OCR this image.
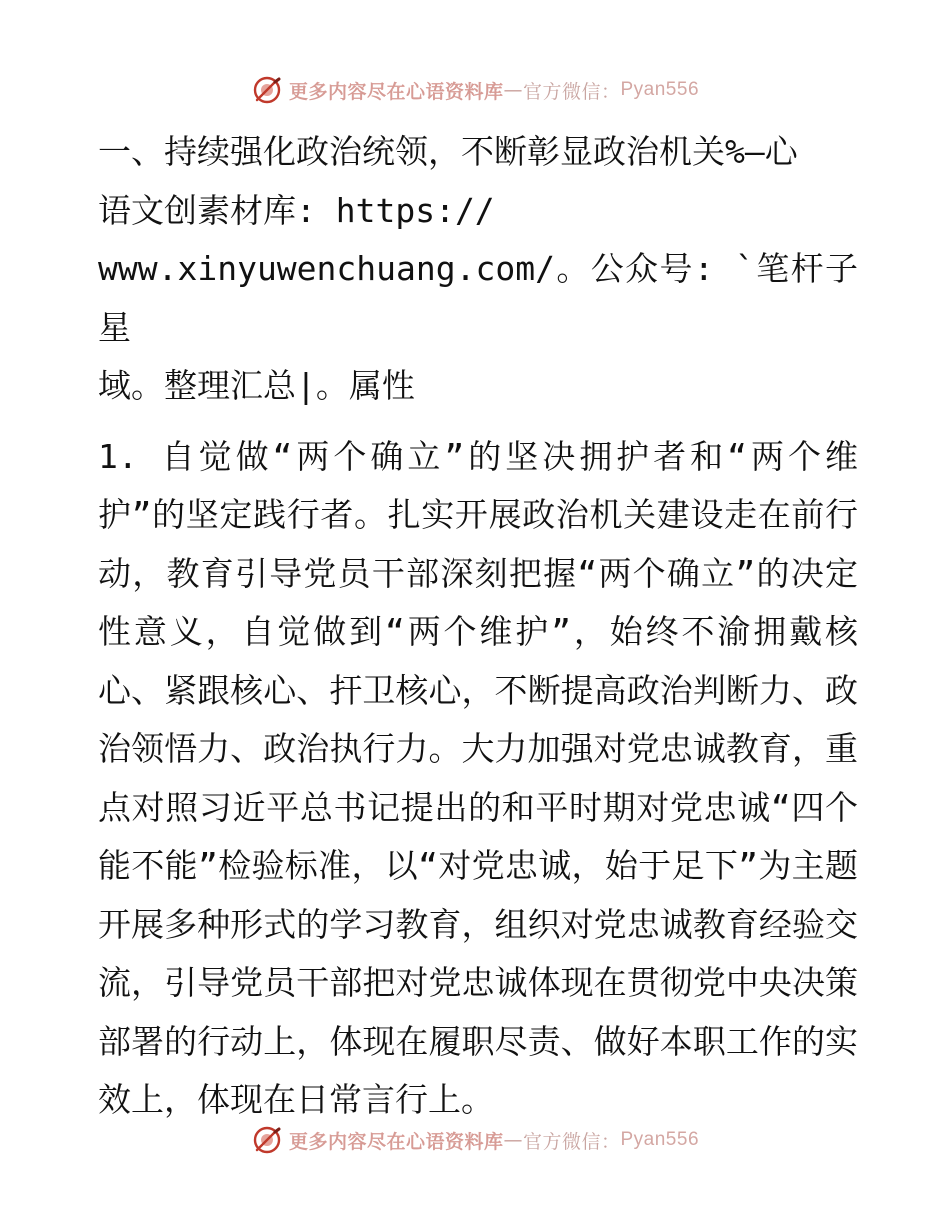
更多内容尽在心语资料库 — 官方微信： Pyan556

一、持续强化政治统领，不断彰显政治机关%—心
语文创素材库: https://
www.xinyuwenchuang.com/。公众号: `笔杆子星
域。整理汇总|。属性

1. 自觉做“两个确立”的坚决拥护者和“两个维护”的坚定践行者。扎实开展政治机关建设走在前行动，教育引导党员干部深刻把握“两个确立”的决定性意义，自觉做到“两个维护”，始终不渝拥戴核心、紧跟核心、扞卫核心，不断提高政治判断力、政治领悟力、政治执行力。大力加强对党忠诚教育，重点对照习近平总书记提出的和平时期对党忠诚“四个能不能”检验标准，以“对党忠诚，始于足下”为主题开展多种形式的学习教育，组织对党忠诚教育经验交流，引导党员干部把对党忠诚体现在贯彻党中央决策部署的行动上，体现在履职尽责、做好本职工作的实效上，体现在日常言行上。

更多内容尽在心语资料库 — 官方微信： Pyan556
